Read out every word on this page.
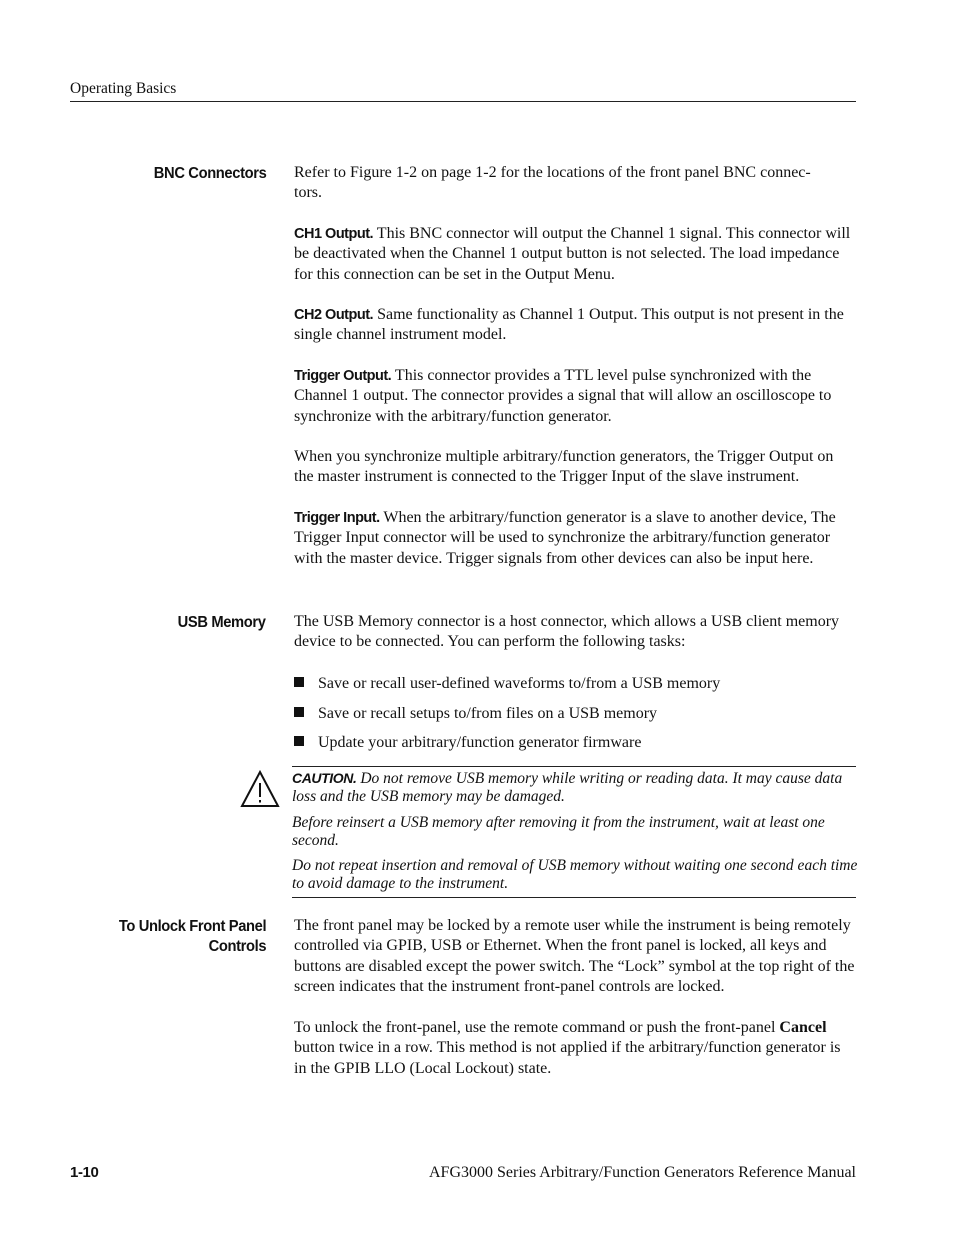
Operating Basics
BNC Connectors Refer to Figure 1-2 on page 1-2 for the locations of the front panel BNC connec-
tors.
CH1 Output. This BNC connector will output the Channel 1 signal. This connector will be deactivated when the Channel 1 output button is not selected. The load impedance for this connection can be set in the Output Menu.
CH2 Output. Same functionality as Channel 1 Output. This output is not present in the single channel instrument model.
Trigger Output. This connector provides a TTL level pulse synchronized with the Channel 1 output. The connector provides a signal that will allow an oscilloscope to synchronize with the arbitrary/function generator.
When you synchronize multiple arbitrary/function generators, the Trigger Output on the master instrument is connected to the Trigger Input of the slave instrument.
Trigger Input. When the arbitrary/function generator is a slave to another device, The Trigger Input connector will be used to synchronize the arbitrary/function generator with the master device. Trigger signals from other devices can also be input here.
USB Memory The USB Memory connector is a host connector, which allows a USB client memory device to be connected. You can perform the following tasks:
Save or recall user-defined waveforms to/from a USB memory
Save or recall setups to/from files on a USB memory
Update your arbitrary/function generator firmware
CAUTION. Do not remove USB memory while writing or reading data. It may cause data loss and the USB memory may be damaged.
Before reinsert a USB memory after removing it from the instrument, wait at least one second.
Do not repeat insertion and removal of USB memory without waiting one second each time to avoid damage to the instrument.
To Unlock Front Panel
Controls
The front panel may be locked by a remote user while the instrument is being remotely controlled via GPIB, USB or Ethernet. When the front panel is locked, all keys and buttons are disabled except the power switch. The “Lock” symbol at the top right of the screen indicates that the instrument front-panel controls are locked.
To unlock the front-panel, use the remote command or push the front-panel Cancel button twice in a row. This method is not applied if the arbitrary/function generator is in the GPIB LLO (Local Lockout) state.
1-10	AFG3000 Series Arbitrary/Function Generators Reference Manual
